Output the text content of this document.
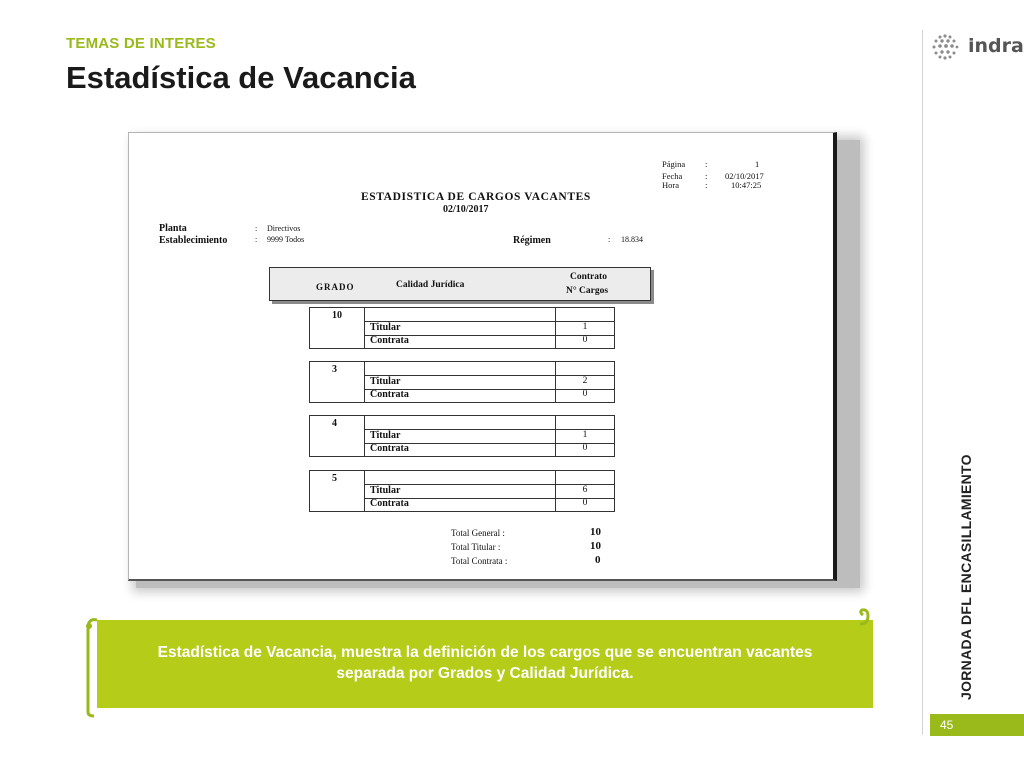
TEMAS DE INTERES
Estadística de Vacancia
indra
JORNADA DFL ENCASILLAMIENTO
45
Página :	1
Fecha	: 02/10/2017
Hora	:	10:47:25
ESTADISTICA DE CARGOS VACANTES
02/10/2017
Planta	: Directivos
Establecimiento	: 9999 Todos	Régimen	: 18.834
GRADO	Calidad Jurídica
Contrato
N° Cargos
10
Titular	1
Contrata	0
3
Titular	2
Contrata	0
4
Titular	1
Contrata	0
5
Titular	6
Contrata	0
Total General :	10
Total Titular :	10
Total Contrata :	0
Estadística de Vacancia, muestra la definición de los cargos que se encuentran vacantes
separada por Grados y Calidad Jurídica.
